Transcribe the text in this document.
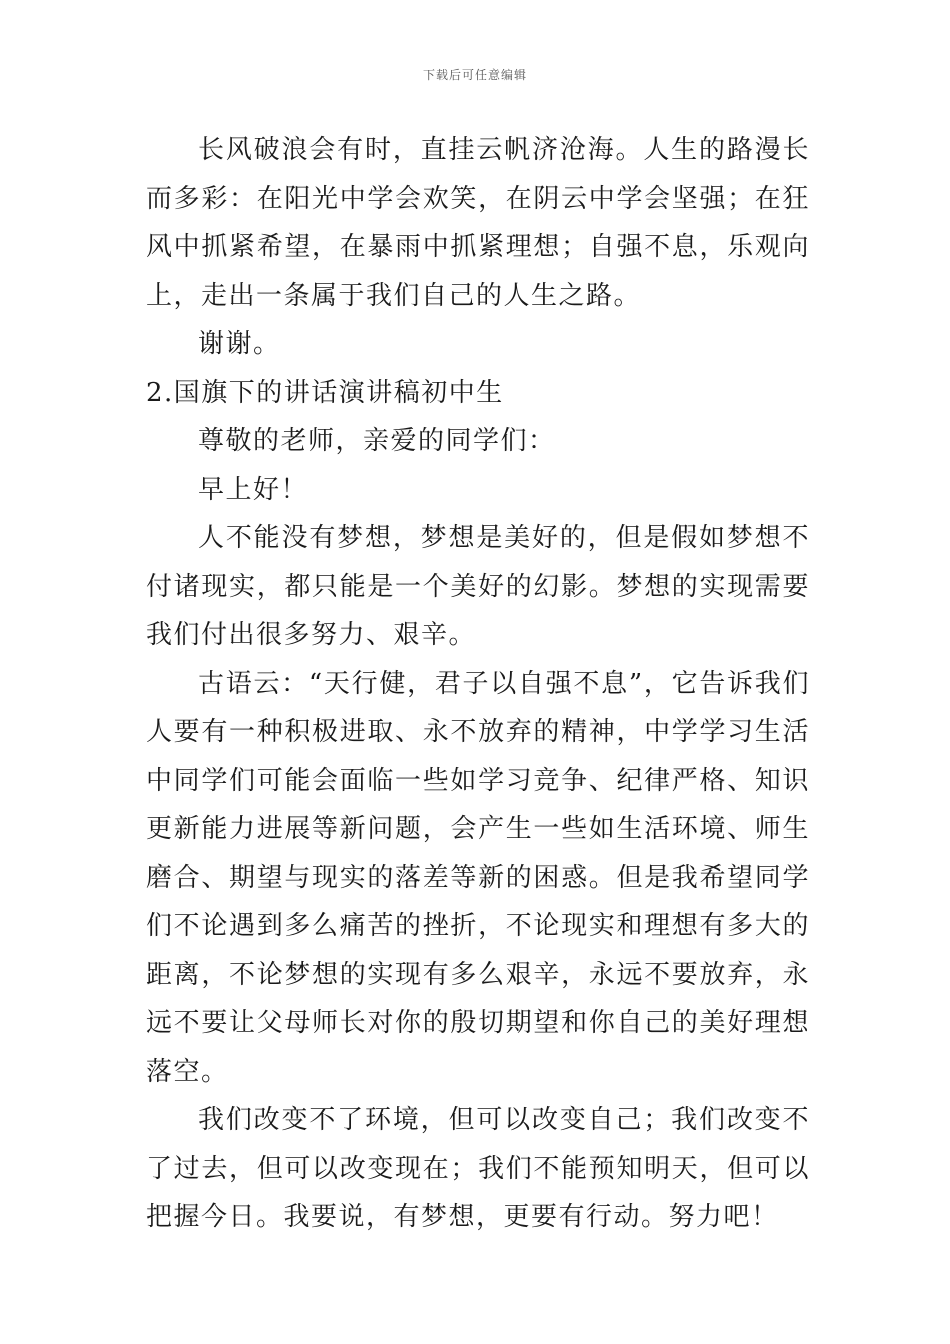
下载后可任意编辑

长风破浪会有时，直挂云帆济沧海。人生的路漫长而多彩：在阳光中学会欢笑，在阴云中学会坚强；在狂风中抓紧希望，在暴雨中抓紧理想；自强不息，乐观向上，走出一条属于我们自己的人生之路。

谢谢。

2.国旗下的讲话演讲稿初中生

尊敬的老师，亲爱的同学们：

早上好！

人不能没有梦想，梦想是美好的，但是假如梦想不付诸现实，都只能是一个美好的幻影。梦想的实现需要我们付出很多努力、艰辛。

古语云：“天行健，君子以自强不息”，它告诉我们人要有一种积极进取、永不放弃的精神，中学学习生活中同学们可能会面临一些如学习竞争、纪律严格、知识更新能力进展等新问题，会产生一些如生活环境、师生磨合、期望与现实的落差等新的困惑。但是我希望同学们不论遇到多么痛苦的挫折，不论现实和理想有多大的距离，不论梦想的实现有多么艰辛，永远不要放弃，永远不要让父母师长对你的殷切期望和你自己的美好理想落空。

我们改变不了环境，但可以改变自己；我们改变不了过去，但可以改变现在；我们不能预知明天，但可以把握今日。我要说，有梦想，更要有行动。努力吧！
